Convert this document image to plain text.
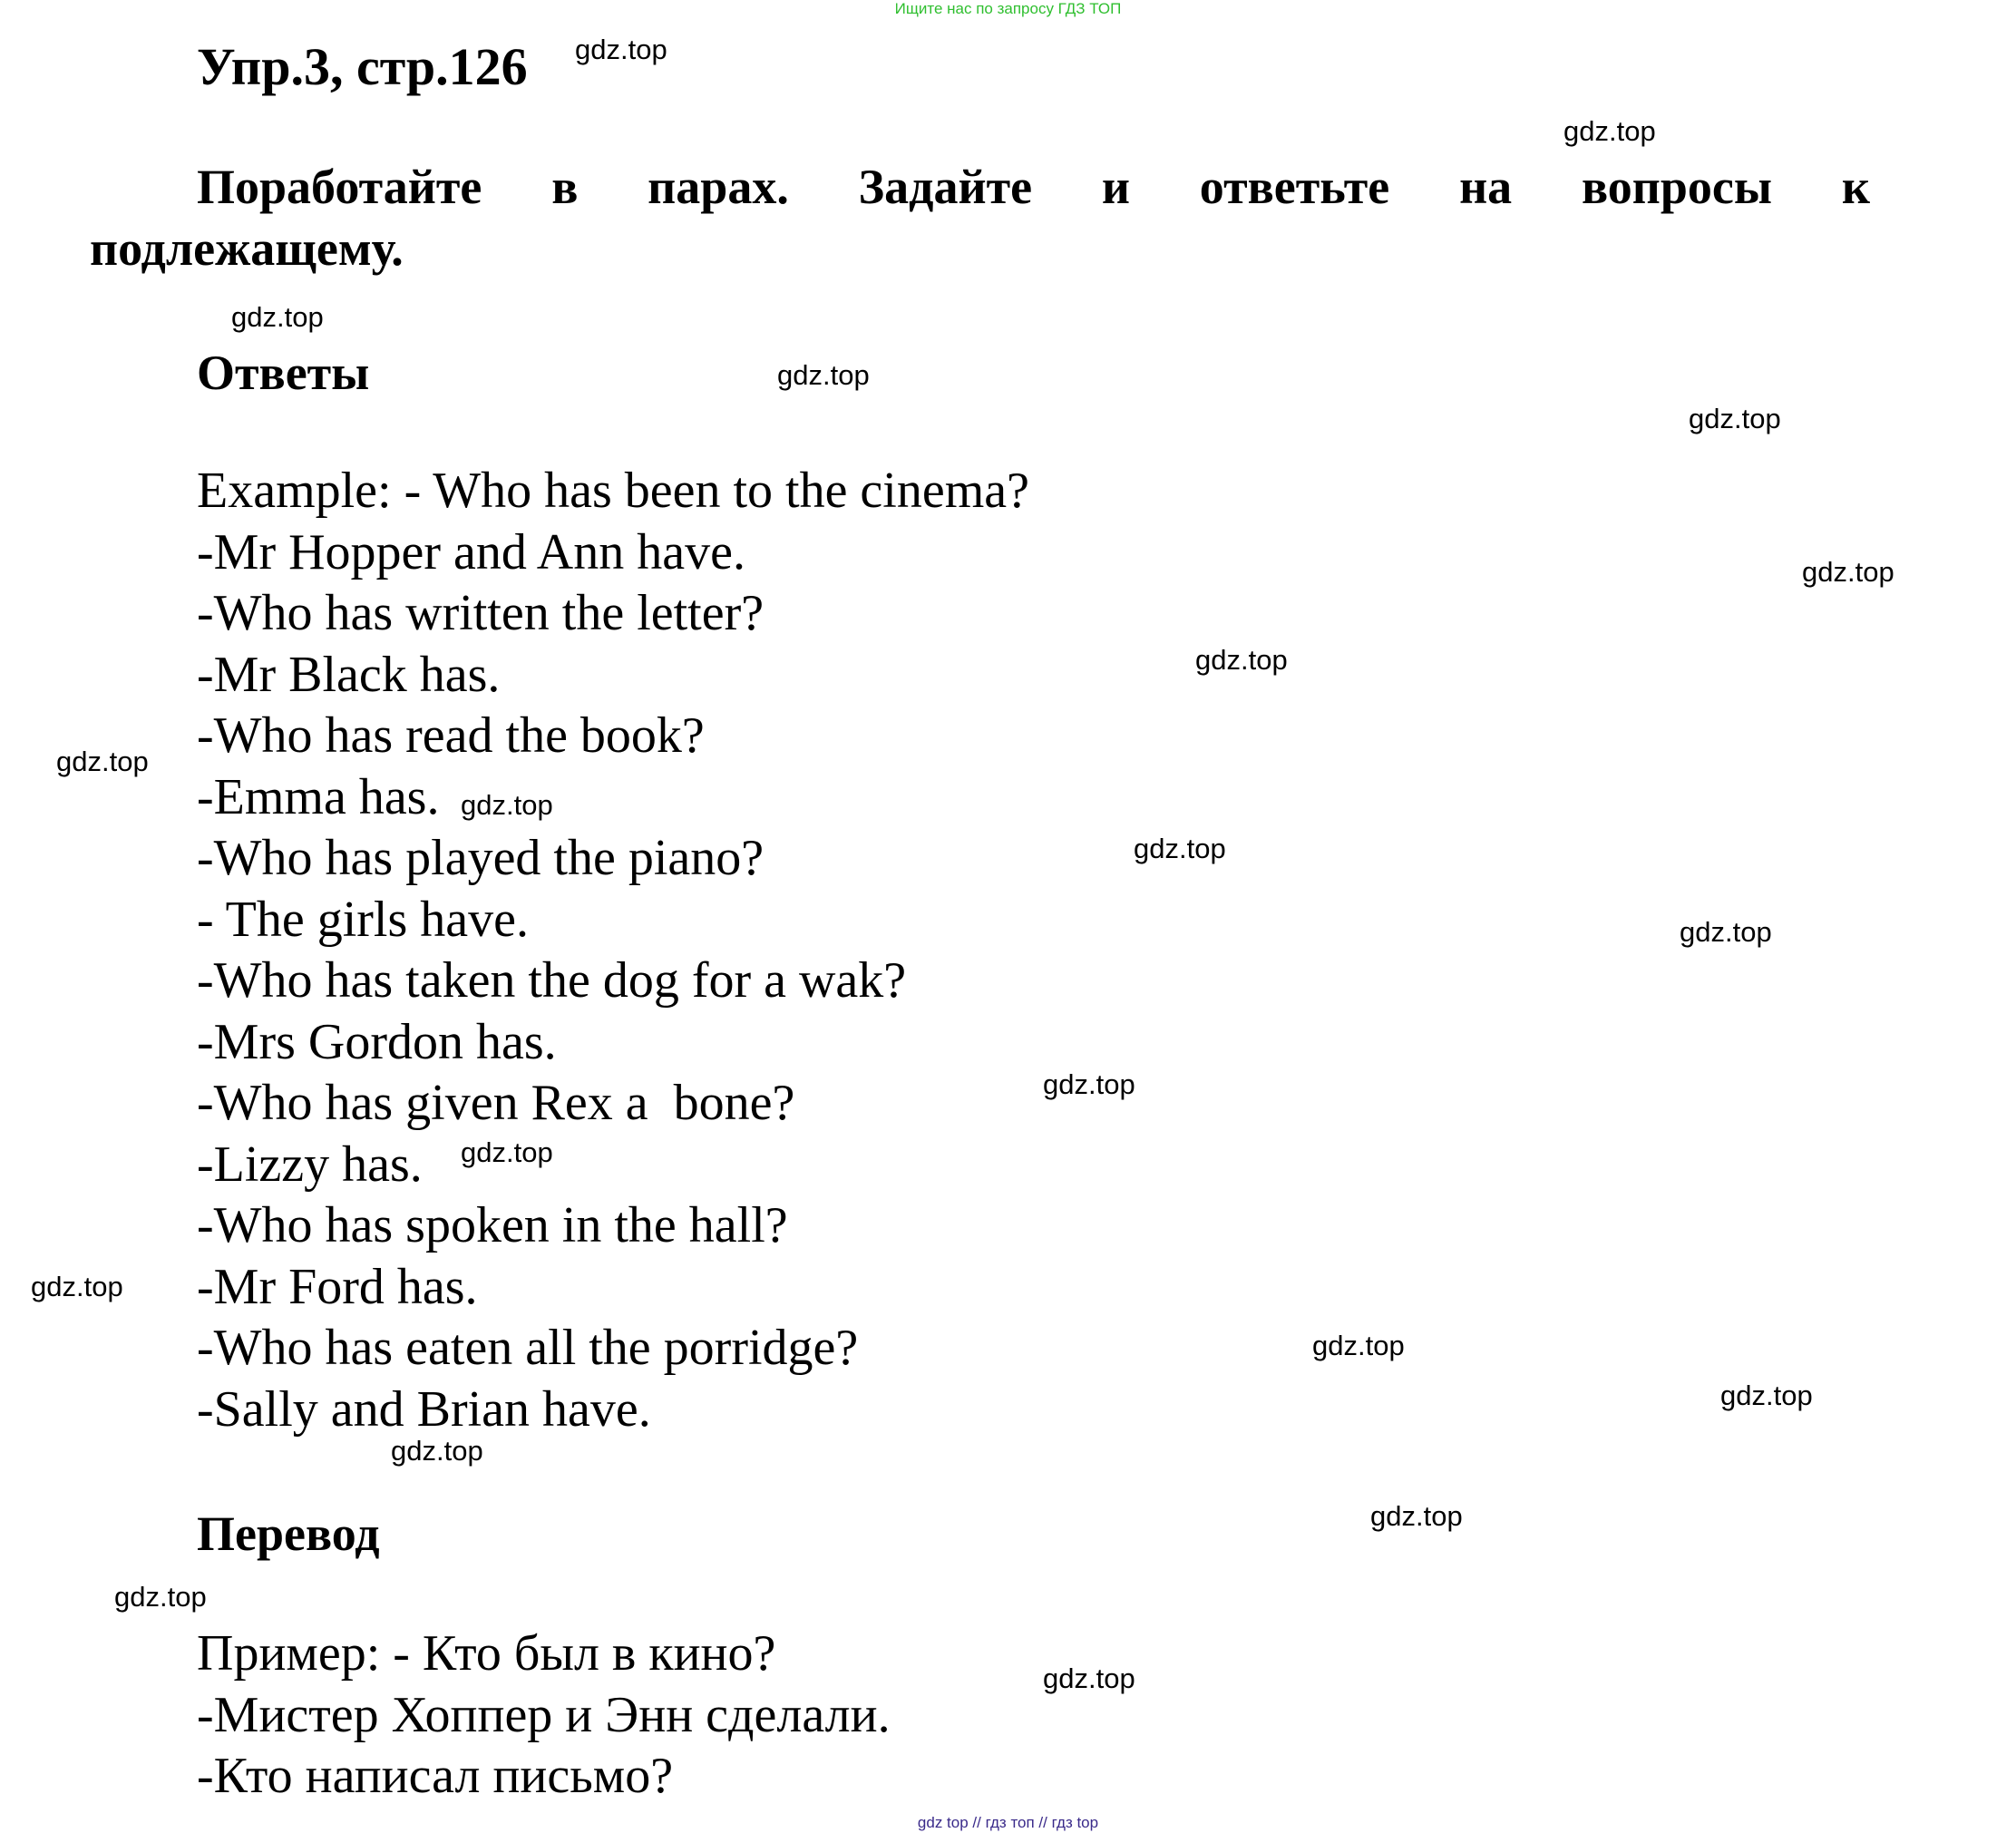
Ищите нас по запросу ГДЗ ТОП
Упр.3, стр.126
Поработайте в парах. Задайте и ответьте на вопросы к
подлежащему.
Ответы
Example: - Who has been to the cinema?
-Mr Hopper and Ann have.
-Who has written the letter?
-Mr Black has.
-Who has read the book?
-Emma has.
-Who has played the piano?
- The girls have.
-Who has taken the dog for a wak?
-Mrs Gordon has.
-Who has given Rex a  bone?
-Lizzy has.
-Who has spoken in the hall?
-Mr Ford has.
-Who has eaten all the porridge?
-Sally and Brian have.
Перевод
Пример: - Кто был в кино?
-Мистер Хоппер и Энн сделали.
-Кто написал письмо?
gdz.top
gdz.top
gdz.top
gdz.top
gdz.top
gdz.top
gdz.top
gdz.top
gdz.top
gdz.top
gdz.top
gdz.top
gdz.top
gdz.top
gdz.top
gdz.top
gdz.top
gdz.top
gdz.top
gdz.top
gdz top // гдз топ // гдз top
